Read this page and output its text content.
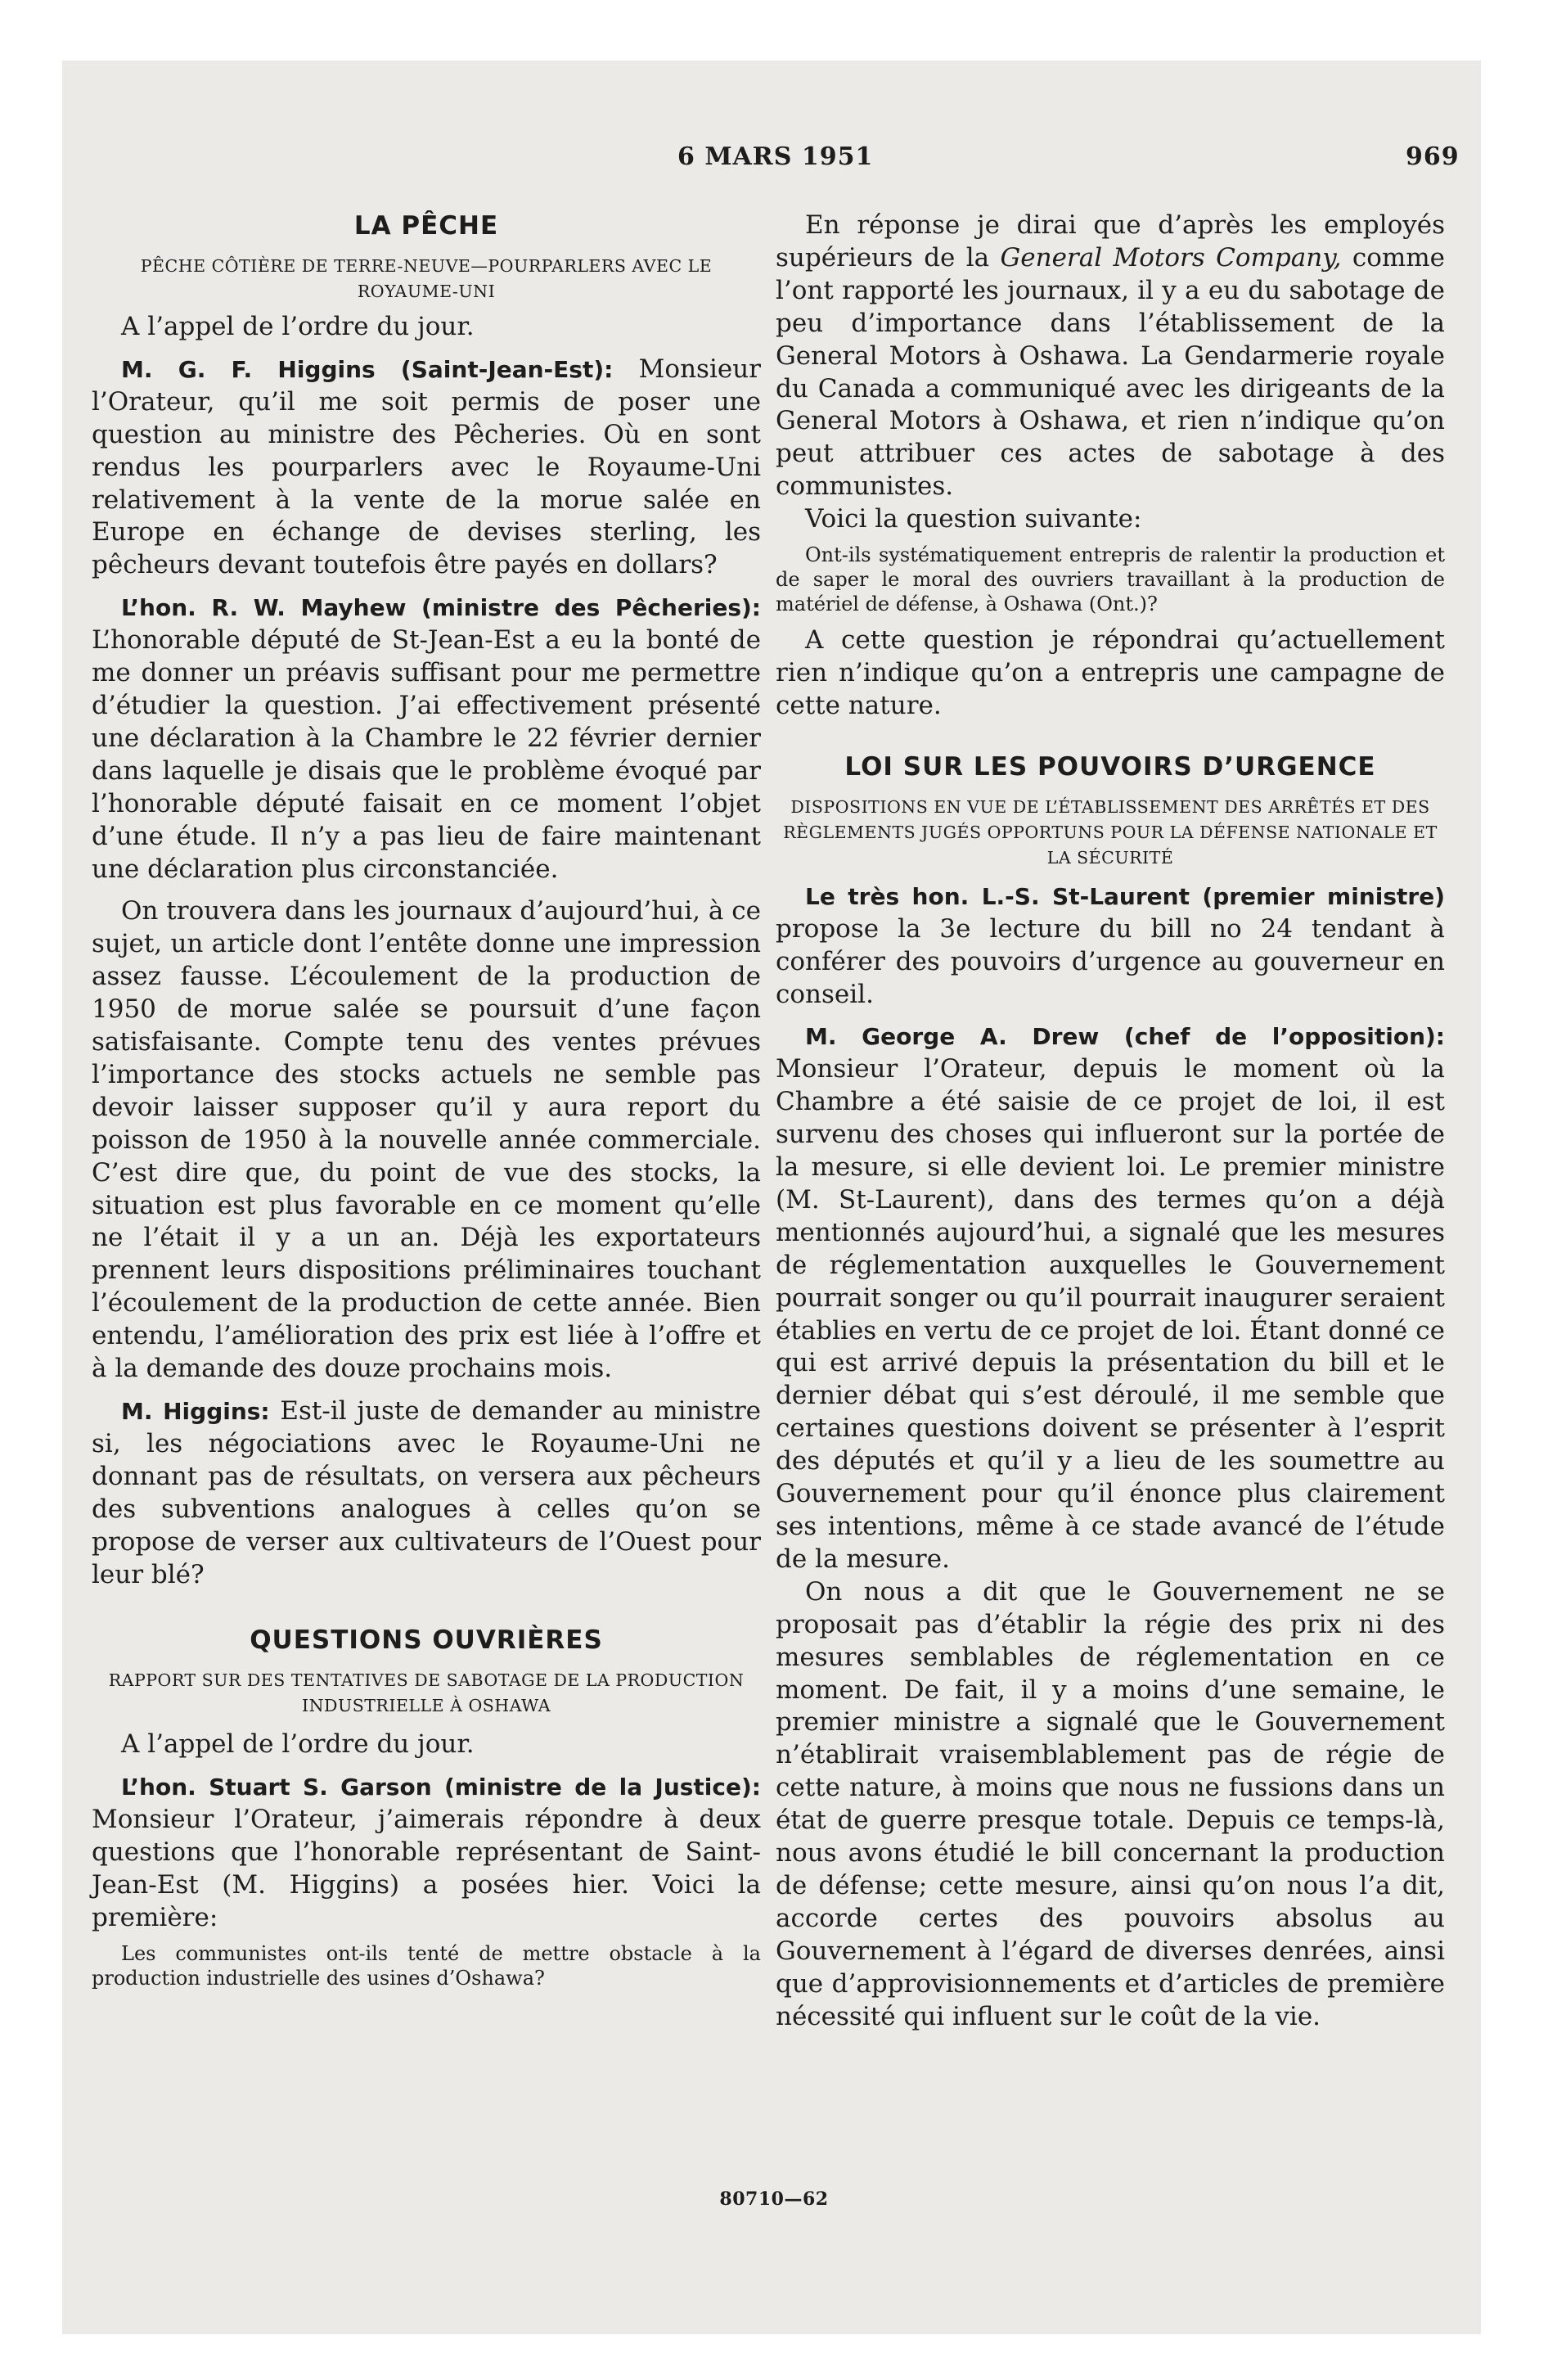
6 MARS 1951	969
LA PÊCHE
PÊCHE CÔTIÈRE DE TERRE-NEUVE—POURPARLERS AVEC LE ROYAUME-UNI

A l’appel de l’ordre du jour.

M. G. F. Higgins (Saint-Jean-Est): Monsieur l’Orateur, qu’il me soit permis de poser une question au ministre des Pêcheries. Où en sont rendus les pourparlers avec le Royaume-Uni relativement à la vente de la morue salée en Europe en échange de devises sterling, les pêcheurs devant toutefois être payés en dollars?

L’hon. R. W. Mayhew (ministre des Pêcheries): L’honorable député de St-Jean-Est a eu la bonté de me donner un préavis suffisant pour me permettre d’étudier la question. J’ai effectivement présenté une déclaration à la Chambre le 22 février dernier dans laquelle je disais que le problème évoqué par l’honorable député faisait en ce moment l’objet d’une étude. Il n’y a pas lieu de faire maintenant une déclaration plus circonstanciée.

On trouvera dans les journaux d’aujourd’hui, à ce sujet, un article dont l’entête donne une impression assez fausse. L’écoulement de la production de 1950 de morue salée se poursuit d’une façon satisfaisante. Compte tenu des ventes prévues l’importance des stocks actuels ne semble pas devoir laisser supposer qu’il y aura report du poisson de 1950 à la nouvelle année commerciale. C’est dire que, du point de vue des stocks, la situation est plus favorable en ce moment qu’elle ne l’était il y a un an. Déjà les exportateurs prennent leurs dispositions préliminaires touchant l’écoulement de la production de cette année. Bien entendu, l’amélioration des prix est liée à l’offre et à la demande des douze prochains mois.

M. Higgins: Est-il juste de demander au ministre si, les négociations avec le Royaume-Uni ne donnant pas de résultats, on versera aux pêcheurs des subventions analogues à celles qu’on se propose de verser aux cultivateurs de l’Ouest pour leur blé?

QUESTIONS OUVRIÈRES
RAPPORT SUR DES TENTATIVES DE SABOTAGE DE LA PRODUCTION INDUSTRIELLE À OSHAWA

A l’appel de l’ordre du jour.

L’hon. Stuart S. Garson (ministre de la Justice): Monsieur l’Orateur, j’aimerais répondre à deux questions que l’honorable représentant de Saint-Jean-Est (M. Higgins) a posées hier. Voici la première:

Les communistes ont-ils tenté de mettre obstacle à la production industrielle des usines d’Oshawa?

En réponse je dirai que d’après les employés supérieurs de la General Motors Company, comme l’ont rapporté les journaux, il y a eu du sabotage de peu d’importance dans l’établissement de la General Motors à Oshawa. La Gendarmerie royale du Canada a communiqué avec les dirigeants de la General Motors à Oshawa, et rien n’indique qu’on peut attribuer ces actes de sabotage à des communistes.

Voici la question suivante:

Ont-ils systématiquement entrepris de ralentir la production et de saper le moral des ouvriers travaillant à la production de matériel de défense, à Oshawa (Ont.)?

A cette question je répondrai qu’actuellement rien n’indique qu’on a entrepris une campagne de cette nature.

LOI SUR LES POUVOIRS D’URGENCE
DISPOSITIONS EN VUE DE L’ÉTABLISSEMENT DES ARRÊTÉS ET DES RÈGLEMENTS JUGÉS OPPORTUNS POUR LA DÉFENSE NATIONALE ET LA SÉCURITÉ

Le très hon. L.-S. St-Laurent (premier ministre) propose la 3e lecture du bill no 24 tendant à conférer des pouvoirs d’urgence au gouverneur en conseil.

M. George A. Drew (chef de l’opposition): Monsieur l’Orateur, depuis le moment où la Chambre a été saisie de ce projet de loi, il est survenu des choses qui influeront sur la portée de la mesure, si elle devient loi. Le premier ministre (M. St-Laurent), dans des termes qu’on a déjà mentionnés aujourd’hui, a signalé que les mesures de réglementation auxquelles le Gouvernement pourrait songer ou qu’il pourrait inaugurer seraient établies en vertu de ce projet de loi. Étant donné ce qui est arrivé depuis la présentation du bill et le dernier débat qui s’est déroulé, il me semble que certaines questions doivent se présenter à l’esprit des députés et qu’il y a lieu de les soumettre au Gouvernement pour qu’il énonce plus clairement ses intentions, même à ce stade avancé de l’étude de la mesure.

On nous a dit que le Gouvernement ne se proposait pas d’établir la régie des prix ni des mesures semblables de réglementation en ce moment. De fait, il y a moins d’une semaine, le premier ministre a signalé que le Gouvernement n’établirait vraisemblablement pas de régie de cette nature, à moins que nous ne fussions dans un état de guerre presque totale. Depuis ce temps-là, nous avons étudié le bill concernant la production de défense; cette mesure, ainsi qu’on nous l’a dit, accorde certes des pouvoirs absolus au Gouvernement à l’égard de diverses denrées, ainsi que d’approvisionnements et d’articles de première nécessité qui influent sur le coût de la vie.

80710—62
